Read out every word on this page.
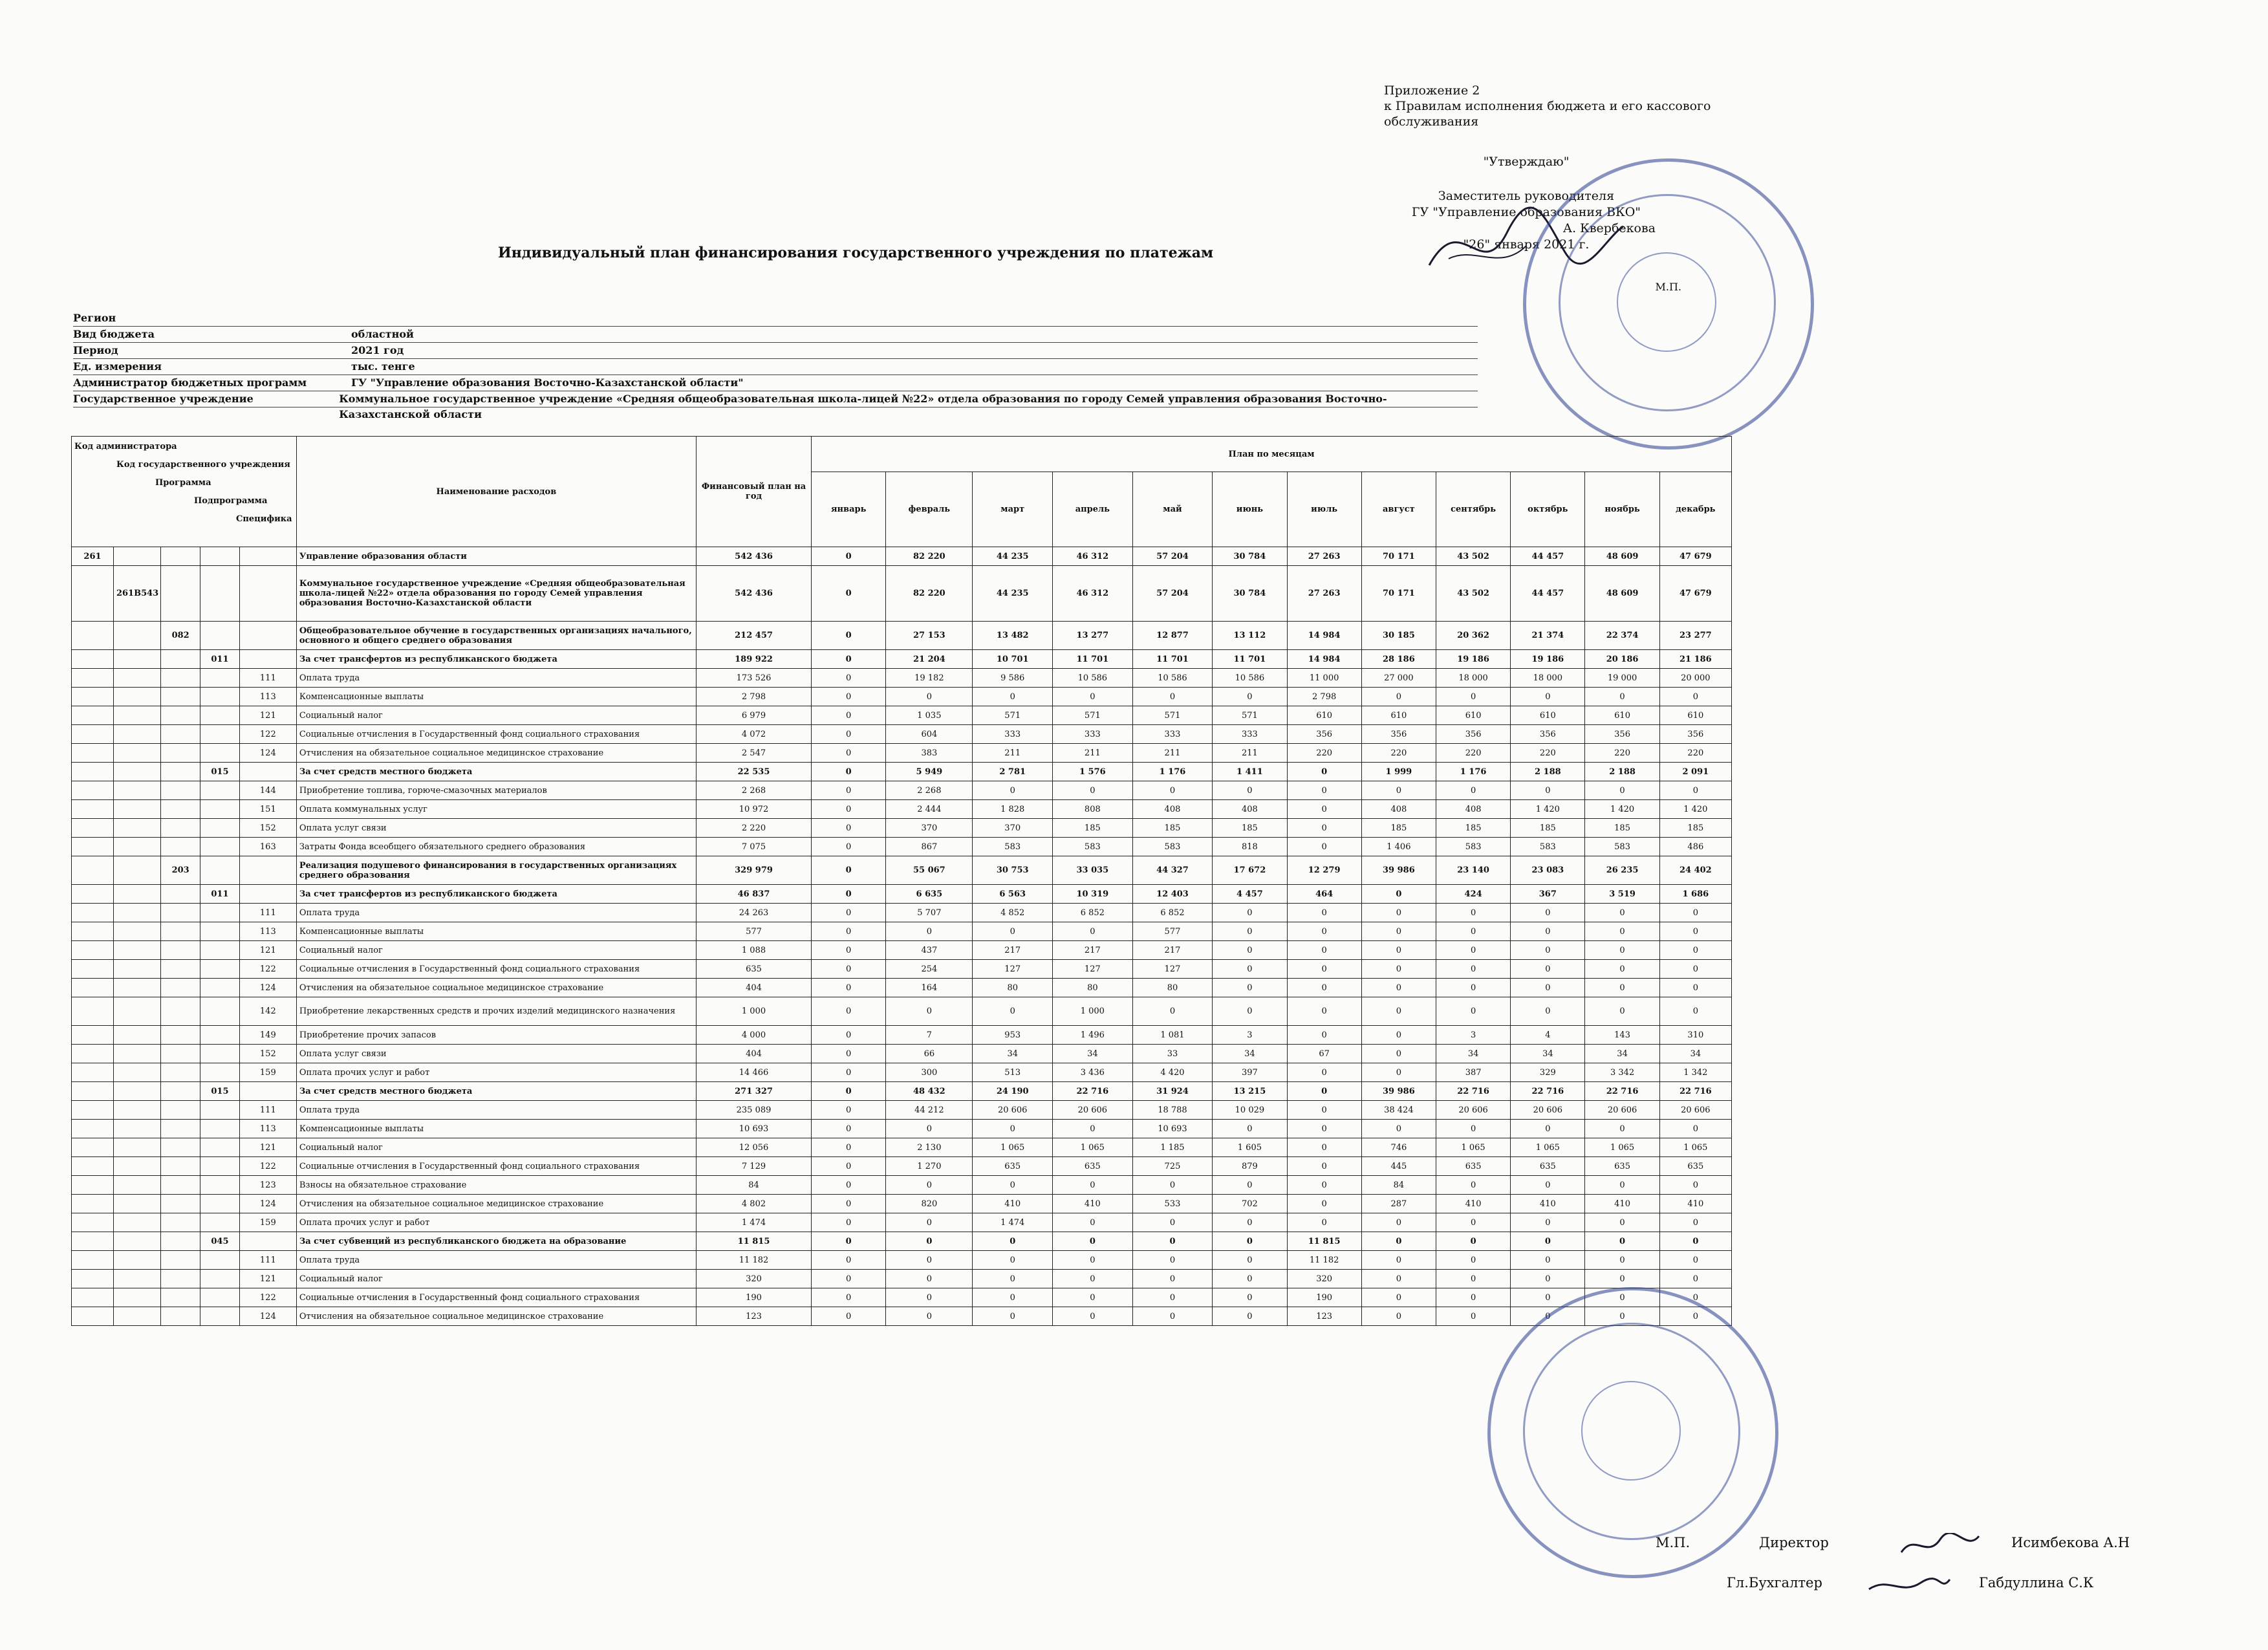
Приложение 2
к Правилам исполнения бюджета и его кассового
обслуживания
"Утверждаю"
Заместитель руководителя
ГУ "Управление образования ВКО"
А. Квербекова
"26" января 2021 г.
М.П.
Индивидуальный план финансирования государственного учреждения по платежам
Регион
Вид бюджета	областной
Период	2021 год
Ед. измерения	тыс. тенге
Администратор бюджетных программ	ГУ "Управление образования Восточно-Казахстанской области"
Государственное учреждение	Коммунальное государственное учреждение «Средняя общеобразовательная школа-лицей №22» отдела образования по городу Семей управления образования Восточно-Казахстанской области
Код администратора
Код государственного учреждения
Программа
Подпрограмма
Специфика					Наименование расходов	Финансовый план на год	План по месяцам											
							январь	февраль	март	апрель	май	июнь	июль	август	сентябрь	октябрь	ноябрь	декабрь
261					Управление образования области	542 436	0	82 220	44 235	46 312	57 204	30 784	27 263	70 171	43 502	44 457	48 609	47 679
	261В543				Коммунальное государственное учреждение «Средняя общеобразовательная школа-лицей №22» отдела образования по городу Семей управления образования Восточно-Казахстанской области	542 436	0	82 220	44 235	46 312	57 204	30 784	27 263	70 171	43 502	44 457	48 609	47 679
		082			Общеобразовательное обучение в государственных организациях начального, основного и общего среднего образования	212 457	0	27 153	13 482	13 277	12 877	13 112	14 984	30 185	20 362	21 374	22 374	23 277
			011		За счет трансфертов из республиканского бюджета	189 922	0	21 204	10 701	11 701	11 701	11 701	14 984	28 186	19 186	19 186	20 186	21 186
				111	Оплата труда	173 526	0	19 182	9 586	10 586	10 586	10 586	11 000	27 000	18 000	18 000	19 000	20 000
				113	Компенсационные выплаты	2 798	0	0	0	0	0	0	2 798	0	0	0	0	0
				121	Социальный налог	6 979	0	1 035	571	571	571	571	610	610	610	610	610	610
				122	Социальные отчисления в Государственный фонд социального страхования	4 072	0	604	333	333	333	333	356	356	356	356	356	356
				124	Отчисления на обязательное социальное медицинское страхование	2 547	0	383	211	211	211	211	220	220	220	220	220	220
			015		За счет средств местного бюджета	22 535	0	5 949	2 781	1 576	1 176	1 411	0	1 999	1 176	2 188	2 188	2 091
				144	Приобретение топлива, горюче-смазочных материалов	2 268	0	2 268	0	0	0	0	0	0	0	0	0	0
				151	Оплата коммунальных услуг	10 972	0	2 444	1 828	808	408	408	0	408	408	1 420	1 420	1 420
				152	Оплата услуг связи	2 220	0	370	370	185	185	185	0	185	185	185	185	185
				163	Затраты Фонда всеобщего обязательного среднего образования	7 075	0	867	583	583	583	818	0	1 406	583	583	583	486
		203			Реализация подушевого финансирования в государственных организациях среднего образования	329 979	0	55 067	30 753	33 035	44 327	17 672	12 279	39 986	23 140	23 083	26 235	24 402
			011		За счет трансфертов из республиканского бюджета	46 837	0	6 635	6 563	10 319	12 403	4 457	464	0	424	367	3 519	1 686
				111	Оплата труда	24 263	0	5 707	4 852	6 852	6 852	0	0	0	0	0	0	0
				113	Компенсационные выплаты	577	0	0	0	0	577	0	0	0	0	0	0	0
				121	Социальный налог	1 088	0	437	217	217	217	0	0	0	0	0	0	0
				122	Социальные отчисления в Государственный фонд социального страхования	635	0	254	127	127	127	0	0	0	0	0	0	0
				124	Отчисления на обязательное социальное медицинское страхование	404	0	164	80	80	80	0	0	0	0	0	0	0
				142	Приобретение лекарственных средств и прочих изделий медицинского назначения	1 000	0	0	0	1 000	0	0	0	0	0	0	0	0
				149	Приобретение прочих запасов	4 000	0	7	953	1 496	1 081	3	0	0	3	4	143	310
				152	Оплата услуг связи	404	0	66	34	34	33	34	67	0	34	34	34	34
				159	Оплата прочих услуг и работ	14 466	0	300	513	3 436	4 420	397	0	0	387	329	3 342	1 342
			015		За счет средств местного бюджета	271 327	0	48 432	24 190	22 716	31 924	13 215	0	39 986	22 716	22 716	22 716	22 716
				111	Оплата труда	235 089	0	44 212	20 606	20 606	18 788	10 029	0	38 424	20 606	20 606	20 606	20 606
				113	Компенсационные выплаты	10 693	0	0	0	0	10 693	0	0	0	0	0	0	0
				121	Социальный налог	12 056	0	2 130	1 065	1 065	1 185	1 605	0	746	1 065	1 065	1 065	1 065
				122	Социальные отчисления в Государственный фонд социального страхования	7 129	0	1 270	635	635	725	879	0	445	635	635	635	635
				123	Взносы на обязательное страхование	84	0	0	0	0	0	0	0	84	0	0	0	0
				124	Отчисления на обязательное социальное медицинское страхование	4 802	0	820	410	410	533	702	0	287	410	410	410	410
				159	Оплата прочих услуг и работ	1 474	0	0	1 474	0	0	0	0	0	0	0	0	0
			045		За счет субвенций из республиканского бюджета на образование	11 815	0	0	0	0	0	0	11 815	0	0	0	0	0
				111	Оплата труда	11 182	0	0	0	0	0	0	11 182	0	0	0	0	0
				121	Социальный налог	320	0	0	0	0	0	0	320	0	0	0	0	0
				122	Социальные отчисления в Государственный фонд социального страхования	190	0	0	0	0	0	0	190	0	0	0	0	0
				124	Отчисления на обязательное социальное медицинское страхование	123	0	0	0	0	0	0	123	0	0	0	0	0
М.П.	Директор	Исимбекова А.Н
Гл.Бухгалтер	Габдуллина С.К
